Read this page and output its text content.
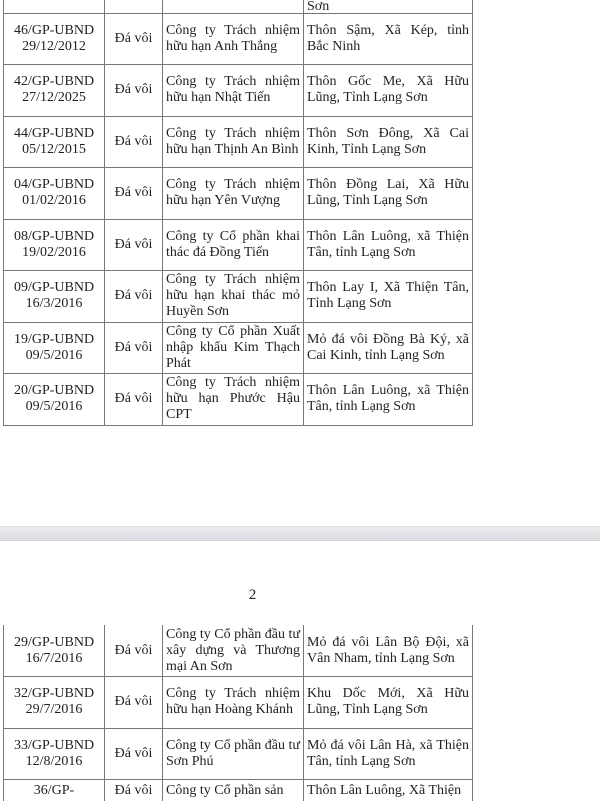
			Sơn

46/GP-UBND
29/12/2012	Đá vôi	Công ty Trách nhiệm hữu hạn Anh Thắng	Thôn Sậm, Xã Kép, tỉnh Bắc Ninh

42/GP-UBND
27/12/2025	Đá vôi	Công ty Trách nhiệm hữu hạn Nhật Tiến	Thôn Gốc Me, Xã Hữu Lũng, Tỉnh Lạng Sơn

44/GP-UBND
05/12/2015	Đá vôi	Công ty Trách nhiệm hữu hạn Thịnh An Bình	Thôn Sơn Đông, Xã Cai Kinh, Tỉnh Lạng Sơn

04/GP-UBND
01/02/2016	Đá vôi	Công ty Trách nhiệm hữu hạn Yên Vượng	Thôn Đồng Lai, Xã Hữu Lũng, Tỉnh Lạng Sơn

08/GP-UBND
19/02/2016	Đá vôi	Công ty Cổ phần khai thác đá Đồng Tiến	Thôn Lân Luông, xã Thiện Tân, tỉnh Lạng Sơn

09/GP-UBND
16/3/2016	Đá vôi	Công ty Trách nhiệm hữu hạn khai thác mỏ Huyền Sơn	Thôn Lay I, Xã Thiện Tân, Tỉnh Lạng Sơn

19/GP-UBND
09/5/2016	Đá vôi	Công ty Cổ phần Xuất nhập khẩu Kim Thạch Phát	Mỏ đá vôi Đồng Bà Ký, xã Cai Kinh, tỉnh Lạng Sơn

20/GP-UBND
09/5/2016	Đá vôi	Công ty Trách nhiệm hữu hạn Phước Hậu CPT	Thôn Lân Luông, xã Thiện Tân, tỉnh Lạng Sơn
2
29/GP-UBND
16/7/2016	Đá vôi	Công ty Cổ phần đầu tư xây dựng và Thương mại An Sơn	Mỏ đá vôi Lân Bộ Đội, xã Vân Nham, tỉnh Lạng Sơn

32/GP-UBND
29/7/2016	Đá vôi	Công ty Trách nhiệm hữu hạn Hoàng Khánh	Khu Dốc Mới, Xã Hữu Lũng, Tỉnh Lạng Sơn

33/GP-UBND
12/8/2016	Đá vôi	Công ty Cổ phần đầu tư Sơn Phú	Mỏ đá vôi Lân Hà, xã Thiện Tân, tỉnh Lạng Sơn

36/GP-	Đá vôi	Công ty Cổ phần sản	Thôn Lân Luông, Xã Thiện
